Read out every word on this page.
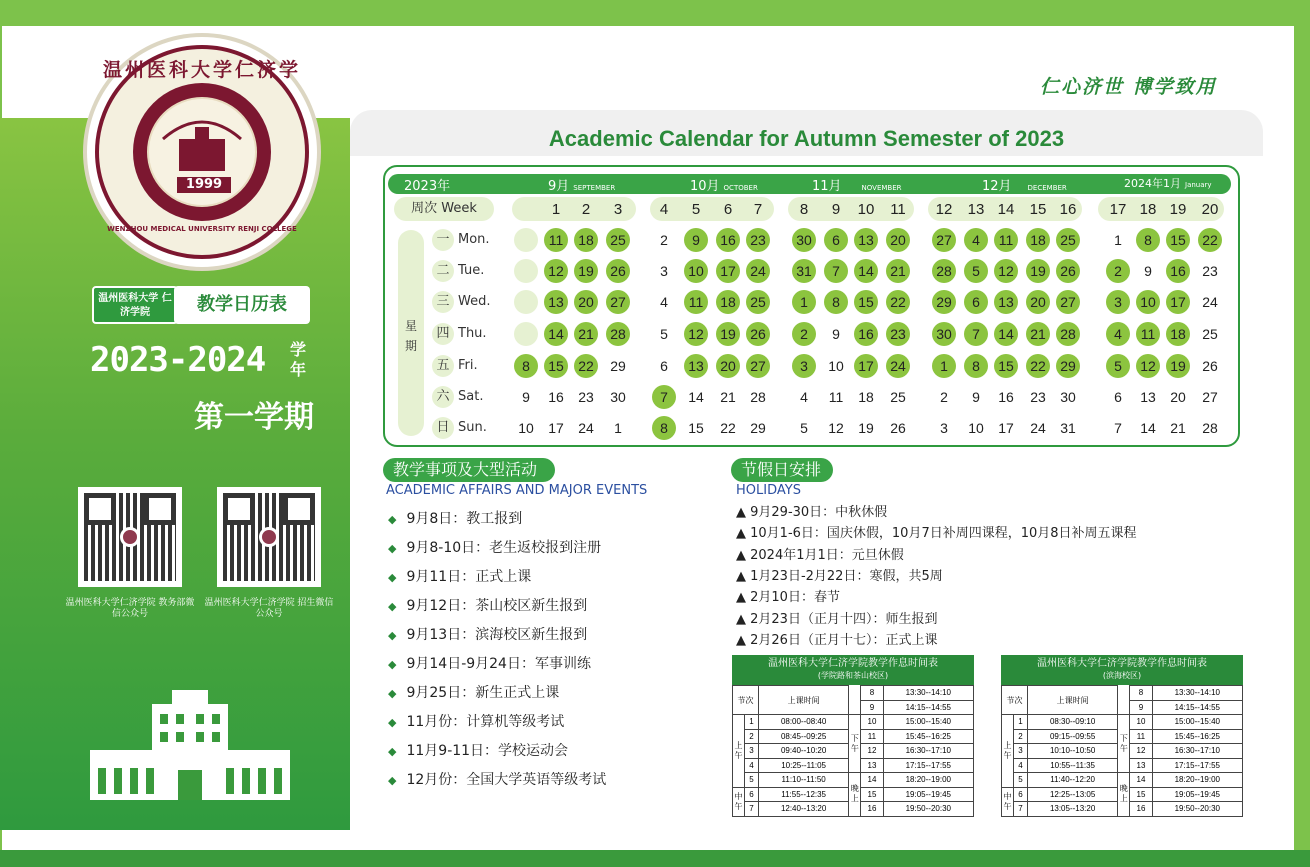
温州医科大学仁济学
1999
WENZHOU MEDICAL UNIVERSITY RENJI COLLEGE
温州医科大学 仁济学院	教学日历表
2023-2024	学年
第一学期
温州医科大学仁济学院 教务部微信公众号
温州医科大学仁济学院 招生微信公众号
仁心济世 博学致用
Academic Calendar for Autumn Semester of 2023
2023年	9月 SEPTEMBER	10月 OCTOBER	11月	NOVEMBER	12月 DECEMBER	2024年1月 January
周次 Week
星 期
1	2	3	4	5	6	7	8	9	10 11 12 13 14 15 16 17 18 19 20
一 Mon.
二 Tue.
三 Wed.
四 Thu.
五 Fri.
六 Sat.
日 Sun.
11	18	25	2	9	16	23	30	6	13	20	27	4	11	18	25	1	8	15	22
12	19	26	3	10	17	24	31	7	14	21	28	5	12	19	26	2	9	16	23
13	20	27	4	11	18	25	1	8	15	22	29	6	13	20	27	3	10	17	24
14	21	28	5	12	19	26	2	9	16	23	30	7	14	21	28	4	11	18	25
8	15	22	29	6	13	20	27	3	10	17	24	1	8	15	22	29	5	12	19	26
9	16	23	30	7	14	21	28	4	11	18	25	2	9	16	23	30	6	13	20	27
10	17	24	1	8	15	22	29	5	12	19	26	3	10	17	24	31	7	14	21	28
教学事项及大型活动
ACADEMIC AFFAIRS AND MAJOR EVENTS
◆ 9月8日：教工报到
◆ 9月8-10日：老生返校报到注册
◆ 9月11日：正式上课
◆ 9月12日：茶山校区新生报到
◆ 9月13日：滨海校区新生报到
◆ 9月14日-9月24日：军事训练
◆ 9月25日：新生正式上课
◆ 11月份：计算机等级考试
◆ 11月9-11日：学校运动会
◆ 12月份：全国大学英语等级考试
节假日安排
HOLIDAYS
▲ 9月29-30日：中秋休假
▲ 10月1-6日：国庆休假，10月7日补周四课程，10月8日补周五课程
▲ 2024年1月1日：元旦休假
▲ 1月23日-2月22日：寒假，共5周
▲ 2月10日：春节
▲ 2月23日（正月十四）：师生报到
▲ 2月26日（正月十七）：正式上课
温州医科大学仁济学院教学作息时间表
(学院路和茶山校区)
节次		上课时间		8	13:30--14:10
				9	14:15--14:55
上午	1	08:00--08:40	下午	10	15:00--15:40
	2	08:45--09:25		11	15:45--16:25
	3	09:40--10:20		12	16:30--17:10
	4	10:25--11:05		13	17:15--17:55
	5	11:10--11:50	晚上	14	18:20--19:00
中午	6	11:55--12:35		15	19:05--19:45
	7	12:40--13:20		16	19:50--20:30
温州医科大学仁济学院教学作息时间表
(滨海校区)
节次		上课时间		8	13:30--14:10
				9	14:15--14:55
上午	1	08:30--09:10	下午	10	15:00--15:40
	2	09:15--09:55		11	15:45--16:25
	3	10:10--10:50		12	16:30--17:10
	4	10:55--11:35		13	17:15--17:55
	5	11:40--12:20	晚上	14	18:20--19:00
中午	6	12:25--13:05		15	19:05--19:45
	7	13:05--13:20		16	19:50--20:30
